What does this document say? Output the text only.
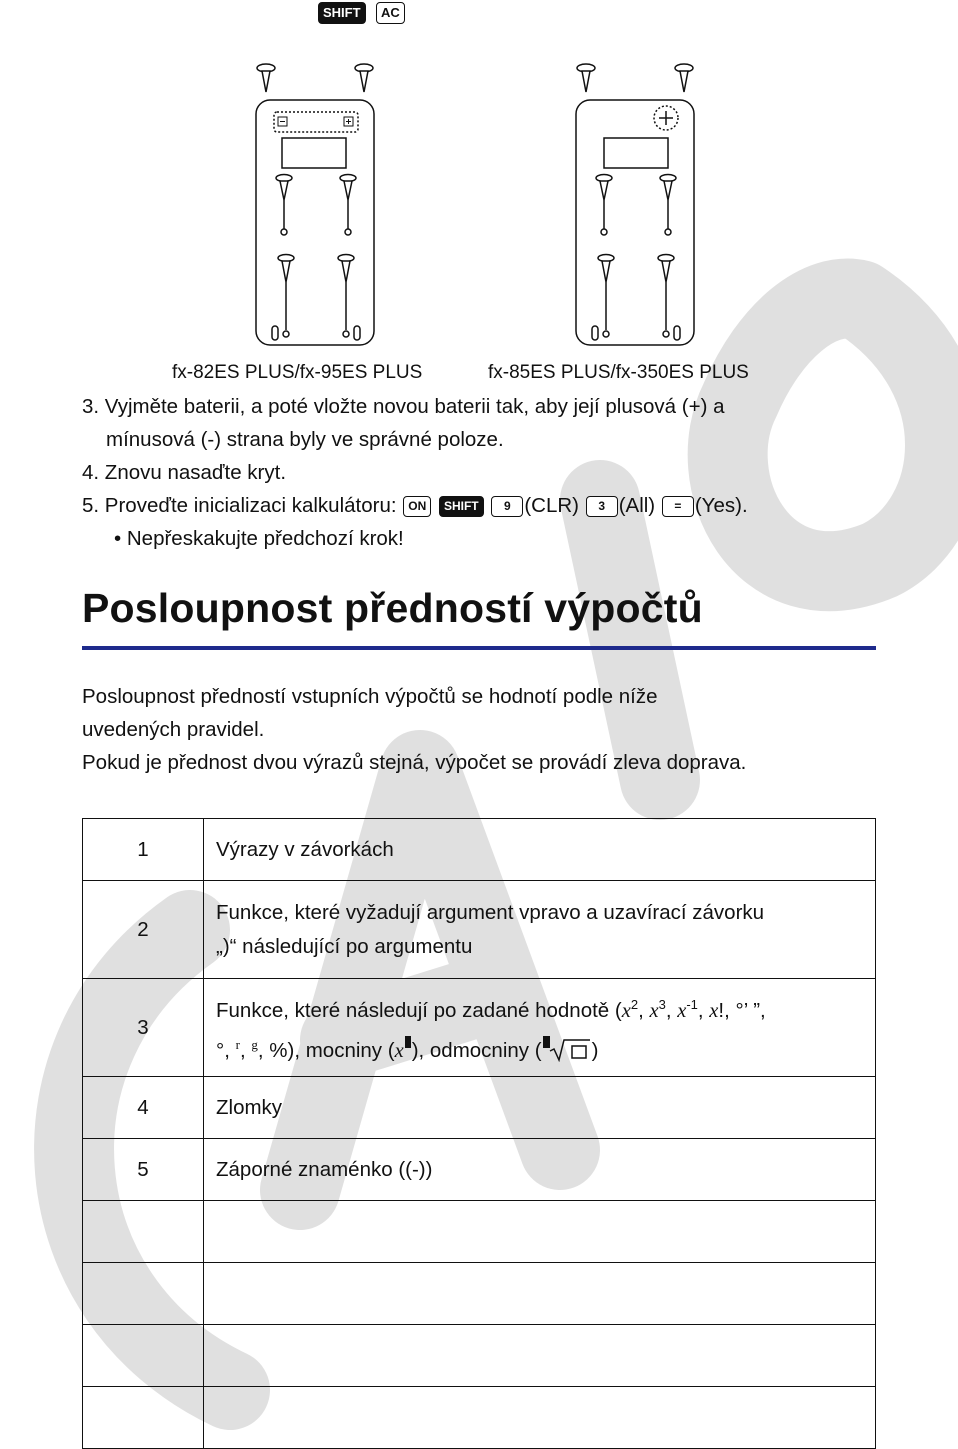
SHIFT AC
fx-82ES PLUS/fx-95ES PLUS	fx-85ES PLUS/fx-350ES PLUS
3. Vyjměte baterii, a poté vložte novou baterii tak, aby její plusová (+) a
mínusová (-) strana byly ve správné poloze.
4. Znovu nasaďte kryt.
5. Proveďte inicializaci kalkulátoru: ON SHIFT 9 (CLR) 3 (All) = (Yes).
• Nepřeskakujte předchozí krok!
Posloupnost předností výpočtů
Posloupnost předností vstupních výpočtů se hodnotí podle níže
uvedených pravidel.
Pokud je přednost dvou výrazů stejná, výpočet se provádí zleva doprava.
1	Výrazy v závorkách
2	Funkce, které vyžadují argument vpravo a uzavírací závorku
„)“ následující po argumentu

3	Funkce, které následují po zadané hodnotě ($x^2$, $x^3$, $x^{-1}$, x!, °’ ”,
°, $^r$, $^g$, %), mocniny (x ), odmocniny ( )

4	Zlomky
5	Záporné znaménko ((-))
